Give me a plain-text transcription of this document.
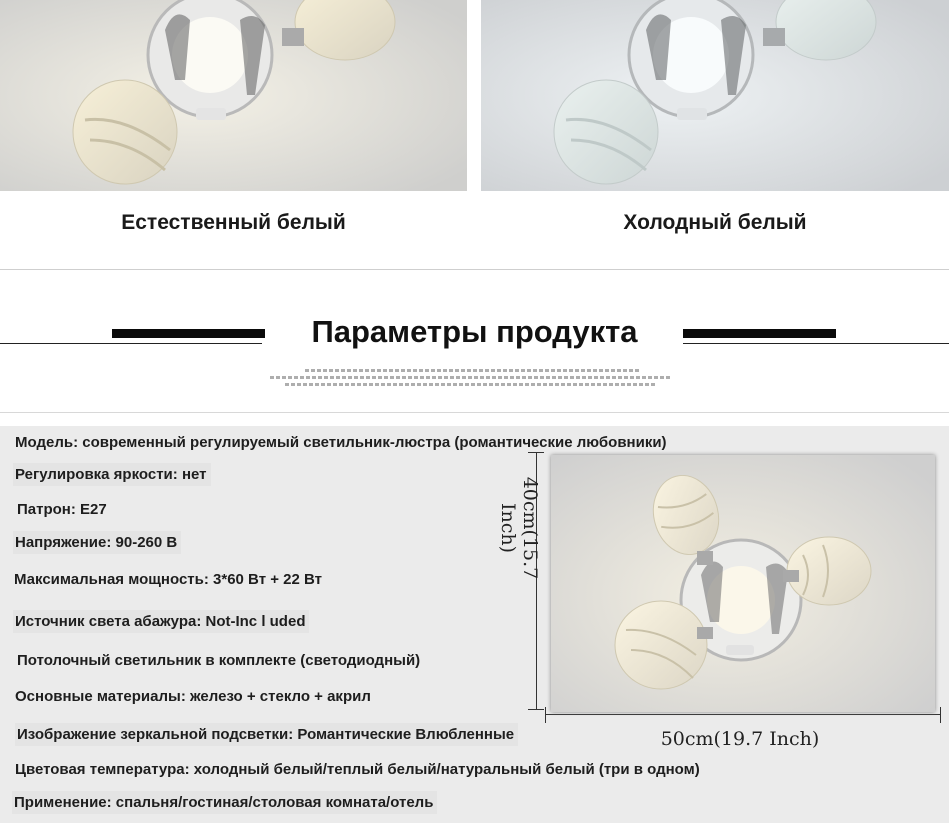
Естественный белый	Холодный белый
Параметры продукта
Модель: современный регулируемый светильник-люстра (романтические любовники)
Регулировка яркости: нет
Патрон: E27
Напряжение: 90-260 В
Максимальная мощность: 3*60 Вт + 22 Вт
Источник света абажура: Not-Inc l uded
Потолочный светильник в комплекте (светодиодный)
Основные материалы: железо + стекло + акрил
Изображение зеркальной подсветки: Романтические Влюбленные
Цветовая температура: холодный белый/теплый белый/натуральный белый (три в одном)
Применение: спальня/гостиная/столовая комната/отель
40cm(15.7 Inch)
50cm(19.7 Inch)
